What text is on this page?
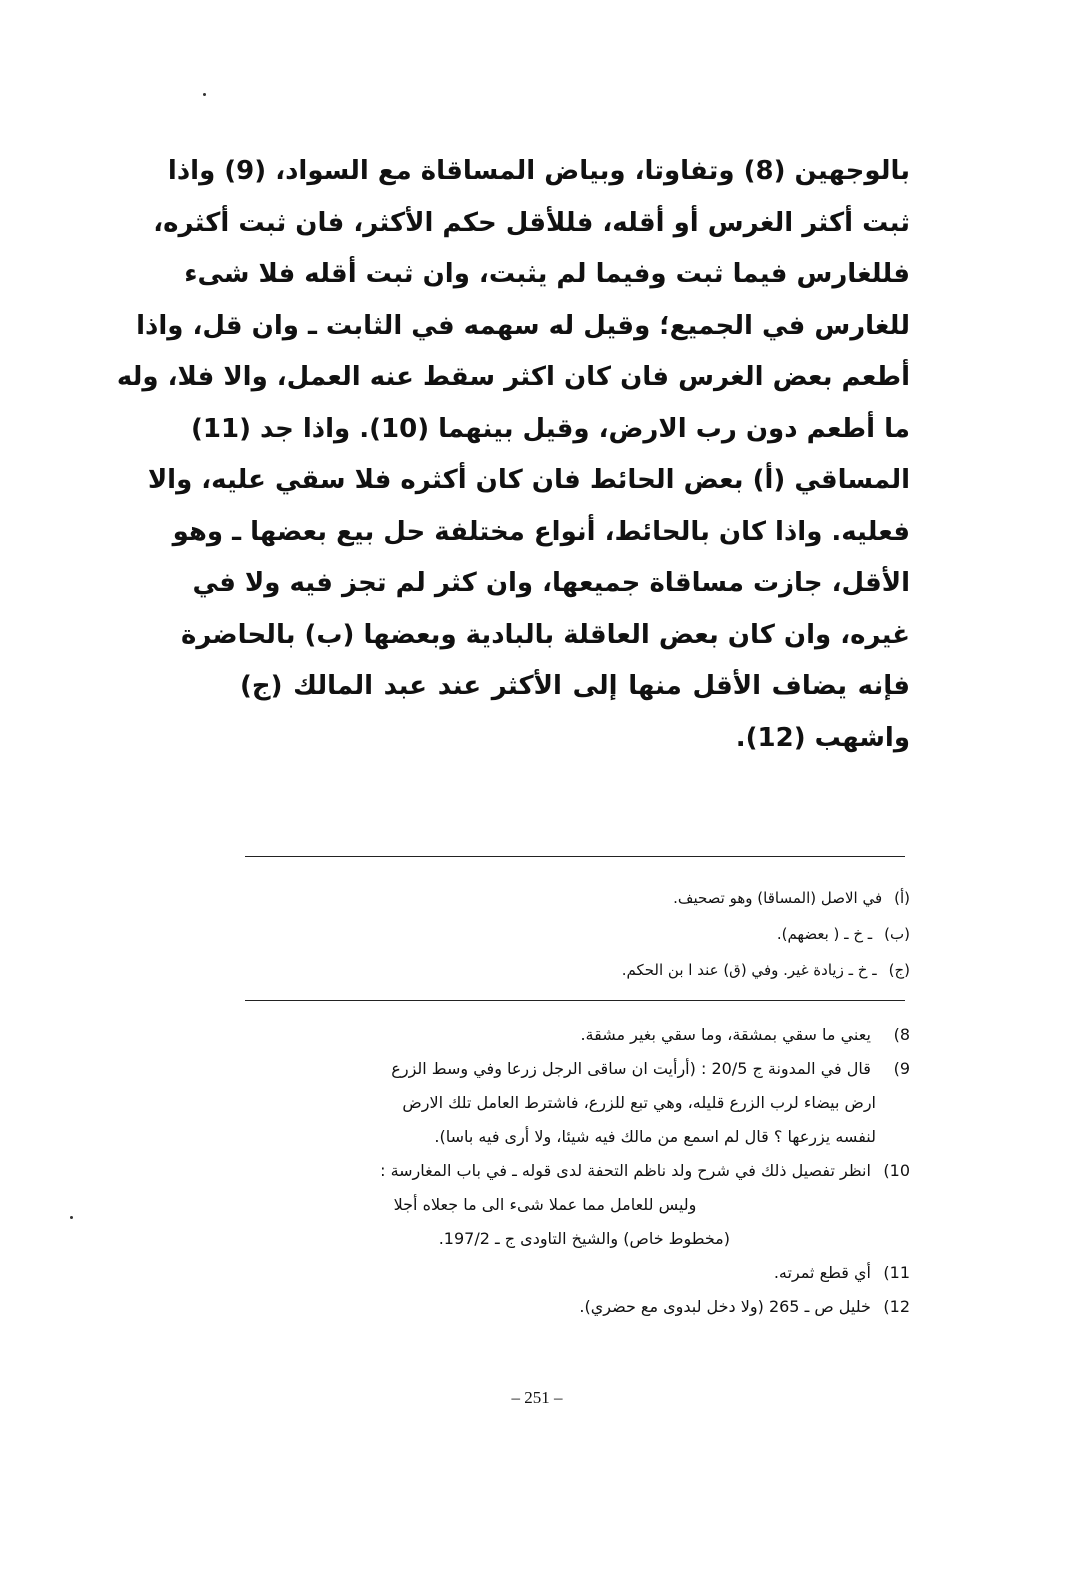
بالوجهين (8) وتفاوتا، وبياض المساقاة مع السواد، (9) واذا
ثبت أكثر الغرس أو أقله، فللأقل حكم الأكثر، فان ثبت أكثره،
فللغارس فيما ثبت وفيما لم يثبت، وان ثبت أقله فلا شىء
للغارس في الجميع؛ وقيل له سهمه في الثابت ـ وان قل، واذا
أطعم بعض الغرس فان كان اكثر سقط عنه العمل، والا فلا، وله
ما أطعم دون رب الارض، وقيل بينهما (10). واذا جد (11)
المساقي (أ) بعض الحائط فان كان أكثره فلا سقي عليه، والا
فعليه. واذا كان بالحائط، أنواع مختلفة حل بيع بعضها ـ وهو
الأقل، جازت مساقاة جميعها، وان كثر لم تجز فيه ولا في
غيره، وان كان بعض العاقلة بالبادية وبعضها (ب) بالحاضرة
فإنه يضاف الأقل منها إلى الأكثر عند عبد المالك (ج)
واشهب (12).
(أ)في الاصل (المساقا) وهو تصحيف.
(ب)ـ خ ـ ( بعضهم).
(ج)ـ خ ـ زيادة غير. وفي (ق) عند ا بن الحكم.
8) يعني ما سقي بمشقة، وما سقي بغير مشقة.
9) قال في المدونة ج 20/5 : (أرأيت ان ساقى الرجل زرعا وفي وسط الزرع
ارض بيضاء لرب الزرع قليله، وهي تبع للزرع، فاشترط العامل تلك الارض
لنفسه يزرعها ؟ قال لم اسمع من مالك فيه شيئا، ولا أرى فيه باسا).
10) انظر تفصيل ذلك في شرح ولد ناظم التحفة لدى قوله ـ في باب المغارسة :
وليس للعامل مما عملا شىء الى ما جعلاه أجلا
(مخطوط خاص) والشيخ التاودى ج ـ 197/2.
11) أي قطع ثمرته.
12) خليل ص ـ 265 (ولا دخل لبدوى مع حضري).
– 251 –
